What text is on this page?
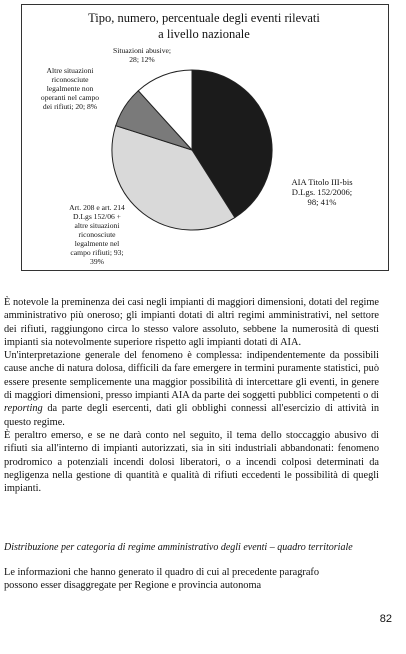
Tipo, numero, percentuale degli eventi rilevati
a livello nazionale
AIA Titolo III-bis D.Lgs. 152/2006; 98; 41%
Art. 208 e art. 214 D.Lgs 152/06 + altre situazioni riconosciute legalmente nel campo rifiuti; 93; 39%
Altre situazioni riconosciute legalmente non operanti nel campo dei rifiuti; 20; 8%
Situazioni abusive; 28; 12%

È notevole la preminenza dei casi negli impianti di maggiori dimensioni, dotati del regime amministrativo più oneroso; gli impianti dotati di altri regimi amministrativi, nel settore dei rifiuti, raggiungono circa lo stesso valore assoluto, sebbene la numerosità di questi impianti sia notevolmente superiore rispetto agli impianti dotati di AIA.

Un'interpretazione generale del fenomeno è complessa: indipendentemente da possibili cause anche di natura dolosa, difficili da fare emergere in termini puramente statistici, può essere presente semplicemente una maggior possibilità di intercettare gli eventi, in genere di maggiori dimensioni, presso impianti AIA da parte dei soggetti pubblici competenti o di reporting da parte degli esercenti, dati gli obblighi connessi all'esercizio di attività in questo regime.

È peraltro emerso, e se ne darà conto nel seguito, il tema dello stoccaggio abusivo di rifiuti sia all'interno di impianti autorizzati, sia in siti industriali abbandonati: fenomeno prodromico a potenziali incendi dolosi liberatori, o a incendi colposi determinati da negligenza nella gestione di quantità e qualità di rifiuti eccedenti le possibilità di quegli impianti.

Distribuzione per categoria di regime amministrativo degli eventi – quadro territoriale
Le informazioni che hanno generato il quadro di cui al precedente paragrafo possono esser disaggregate per Regione e provincia autonoma
82
